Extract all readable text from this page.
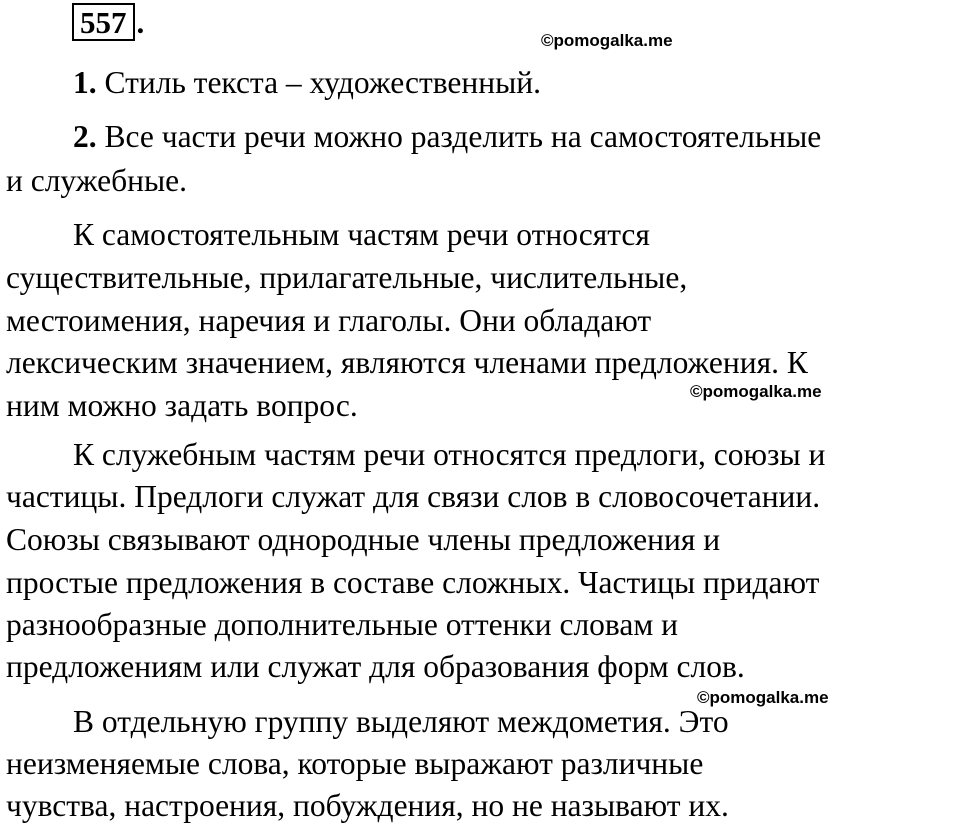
557 .
©pomogalka.me
©pomogalka.me
©pomogalka.me
1. Стиль текста – художественный.
2. Все части речи можно разделить на самостоятельные
и служебные.
К самостоятельным частям речи относятся
существительные, прилагательные, числительные,
местоимения, наречия и глаголы. Они обладают
лексическим значением, являются членами предложения. К
ним можно задать вопрос.
К служебным частям речи относятся предлоги, союзы и
частицы. Предлоги служат для связи слов в словосочетании.
Союзы связывают однородные члены предложения и
простые предложения в составе сложных. Частицы придают
разнообразные дополнительные оттенки словам и
предложениям или служат для образования форм слов.
В отдельную группу выделяют междометия. Это
неизменяемые слова, которые выражают различные
чувства, настроения, побуждения, но не называют их.
